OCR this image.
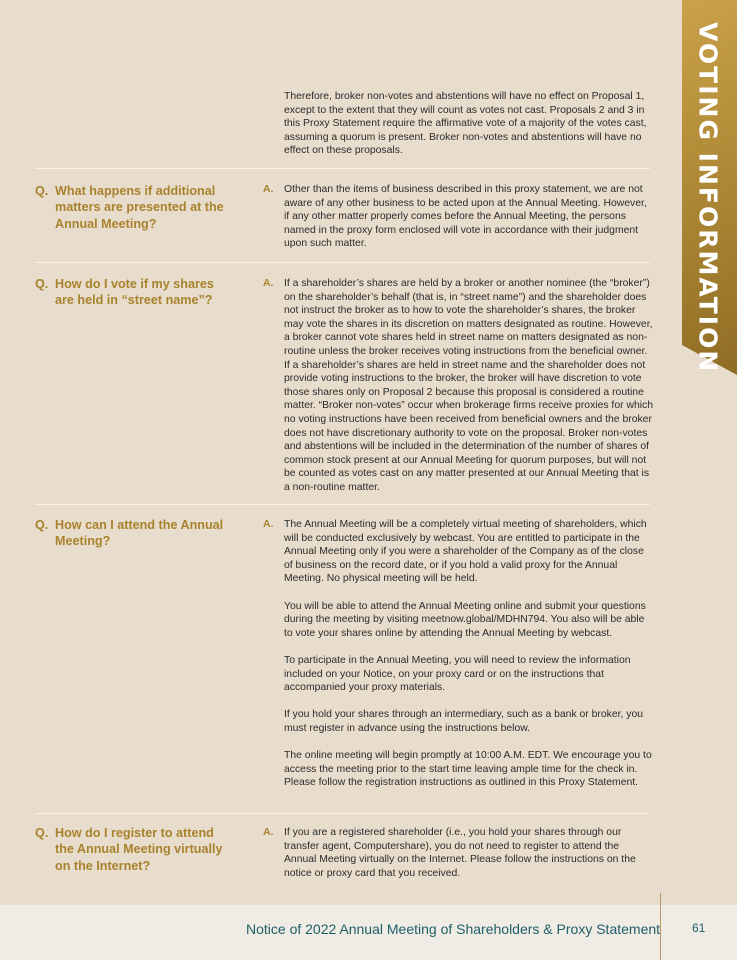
VOTING INFORMATION
Therefore, broker non-votes and abstentions will have no effect on Proposal 1, except to the extent that they will count as votes not cast. Proposals 2 and 3 in this Proxy Statement require the affirmative vote of a majority of the votes cast, assuming a quorum is present. Broker non-votes and abstentions will have no effect on these proposals.
Q. What happens if additional matters are presented at the Annual Meeting?
A. Other than the items of business described in this proxy statement, we are not aware of any other business to be acted upon at the Annual Meeting. However, if any other matter properly comes before the Annual Meeting, the persons named in the proxy form enclosed will vote in accordance with their judgment upon such matter.

Q. How do I vote if my shares are held in “street name”?
A. If a shareholder’s shares are held by a broker or another nominee (the “broker”) on the shareholder’s behalf (that is, in “street name”) and the shareholder does not instruct the broker as to how to vote the shareholder’s shares, the broker may vote the shares in its discretion on matters designated as routine. However, a broker cannot vote shares held in street name on matters designated as non-routine unless the broker receives voting instructions from the beneficial owner. If a shareholder’s shares are held in street name and the shareholder does not provide voting instructions to the broker, the broker will have discretion to vote those shares only on Proposal 2 because this proposal is considered a routine matter. “Broker non-votes” occur when brokerage firms receive proxies for which no voting instructions have been received from beneficial owners and the broker does not have discretionary authority to vote on the proposal. Broker non-votes and abstentions will be included in the determination of the number of shares of common stock present at our Annual Meeting for quorum purposes, but will not be counted as votes cast on any matter presented at our Annual Meeting that is a non-routine matter.

Q. How can I attend the Annual Meeting?
A. The Annual Meeting will be a completely virtual meeting of shareholders, which will be conducted exclusively by webcast. You are entitled to participate in the Annual Meeting only if you were a shareholder of the Company as of the close of business on the record date, or if you hold a valid proxy for the Annual Meeting. No physical meeting will be held.

You will be able to attend the Annual Meeting online and submit your questions during the meeting by visiting meetnow.global/MDHN794. You also will be able to vote your shares online by attending the Annual Meeting by webcast.

To participate in the Annual Meeting, you will need to review the information included on your Notice, on your proxy card or on the instructions that accompanied your proxy materials.

If you hold your shares through an intermediary, such as a bank or broker, you must register in advance using the instructions below.

The online meeting will begin promptly at 10:00 A.M. EDT. We encourage you to access the meeting prior to the start time leaving ample time for the check in. Please follow the registration instructions as outlined in this Proxy Statement.

Q. How do I register to attend the Annual Meeting virtually on the Internet?
A. If you are a registered shareholder (i.e., you hold your shares through our transfer agent, Computershare), you do not need to register to attend the Annual Meeting virtually on the Internet. Please follow the instructions on the notice or proxy card that you received.

Notice of 2022 Annual Meeting of Shareholders & Proxy Statement	61
